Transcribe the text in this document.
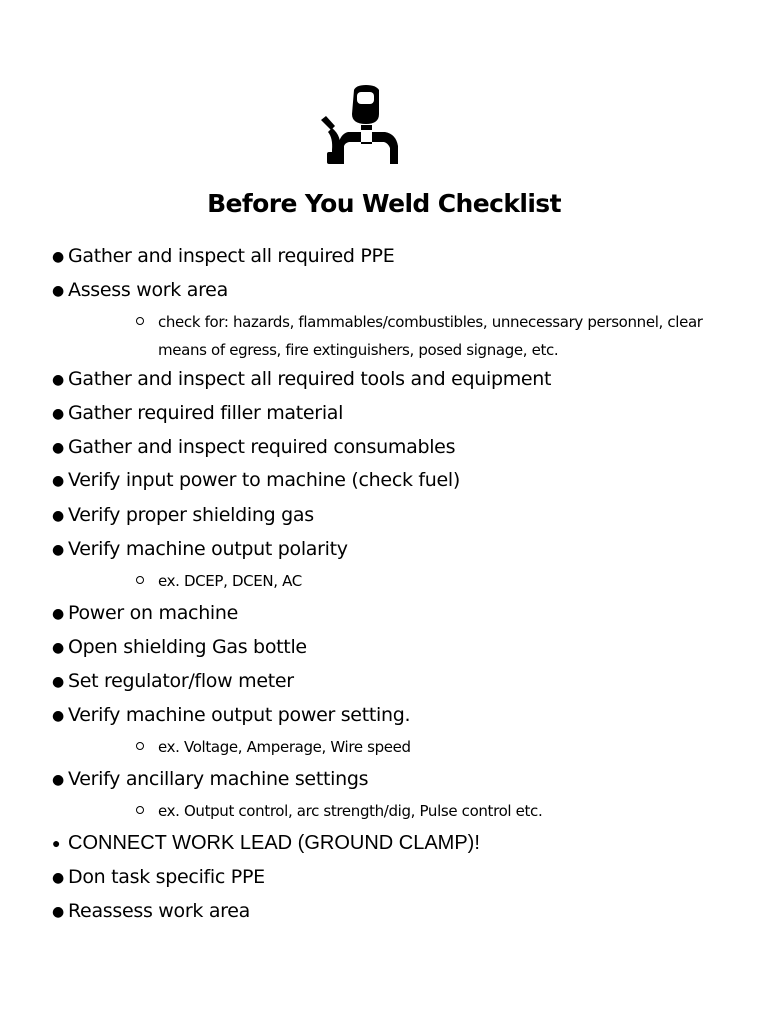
Before You Weld Checklist
● Gather and inspect all required PPE
● Assess work area
check for: hazards, flammables/combustibles, unnecessary personnel, clear
means of egress, fire extinguishers, posed signage, etc.
● Gather and inspect all required tools and equipment
● Gather required filler material
● Gather and inspect required consumables
● Verify input power to machine (check fuel)
● Verify proper shielding gas
● Verify machine output polarity
ex. DCEP, DCEN, AC
● Power on machine
● Open shielding Gas bottle
● Set regulator/flow meter
● Verify machine output power setting.
ex. Voltage, Amperage, Wire speed
● Verify ancillary machine settings
ex. Output control, arc strength/dig, Pulse control etc.
● CONNECT WORK LEAD (GROUND CLAMP)!
● Don task specific PPE
● Reassess work area
